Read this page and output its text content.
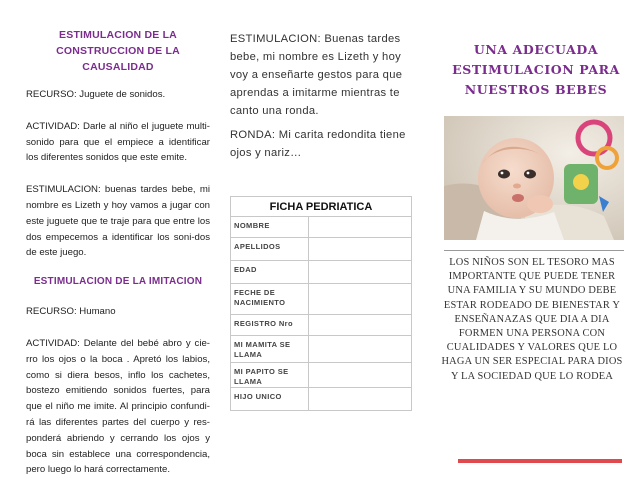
ESTIMULACION DE LA
CONSTRUCCION DE LA
CAUSALIDAD

RECURSO: Juguete de sonidos.

ACTIVIDAD: Darle al niño el juguete multi-sonido para que el empiece a identificar los diferentes sonidos que este emite.

ESTIMULACION: buenas tardes bebe, mi nombre es Lizeth y hoy vamos a jugar con este juguete que te traje para que entre los dos empecemos a identificar los soni-dos de este juego.

ESTIMULACION DE LA IMITACION

RECURSO: Humano

ACTIVIDAD: Delante del bebé abro y cie-rro los ojos o la boca . Apretó los labios, como si diera besos, inflo los cachetes, bostezo emitiendo sonidos fuertes, para que el niño me imite. Al principio confundi-rá las diferentes partes del cuerpo y res-ponderá abriendo y cerrando los ojos y boca sin establece una correspondencia, pero luego lo hará correctamente.

ESTIMULACION: Buenas tardes bebe, mi nombre es Lizeth y hoy voy a enseñarte gestos para que aprendas a imitarme mientras te canto una ronda.
RONDA: Mi carita redondita tiene ojos y nariz…
FICHA PEDRIATICA
NOMBRE
APELLIDOS
EDAD
FECHE DE NACIMIENTO
REGISTRO Nro
MI MAMITA SE LLAMA
MI PAPITO SE LLAMA
HIJO UNICO
UNA ADECUADA
ESTIMULACION PARA
NUESTROS BEBES
LOS NIÑOS SON EL TESORO MAS
IMPORTANTE QUE PUEDE TENER
UNA FAMILIA Y SU MUNDO DEBE
ESTAR RODEADO DE BIENESTAR Y
ENSEÑANAZAS QUE DIA A DIA
FORMEN UNA PERSONA CON
CUALIDADES Y VALORES QUE LO
HAGA UN SER ESPECIAL PARA DIOS
Y LA SOCIEDAD QUE LO RODEA
